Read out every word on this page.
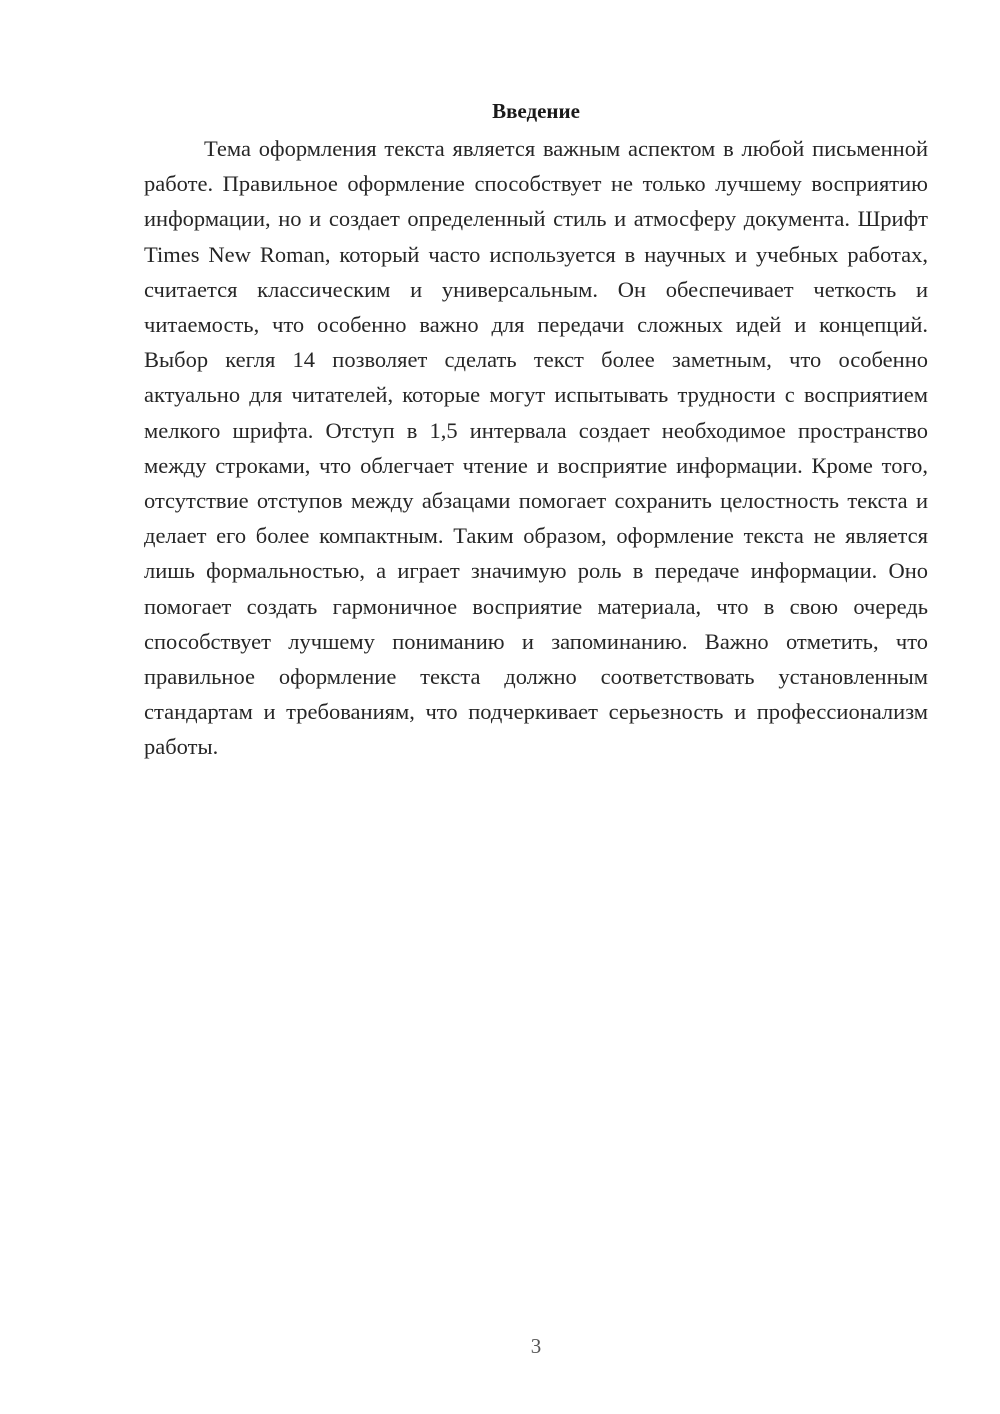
Введение

Тема оформления текста является важным аспектом в любой письменной работе. Правильное оформление способствует не только лучшему восприятию информации, но и создает определенный стиль и атмосферу документа. Шрифт Times New Roman, который часто используется в научных и учебных работах, считается классическим и универсальным. Он обеспечивает четкость и читаемость, что особенно важно для передачи сложных идей и концепций. Выбор кегля 14 позволяет сделать текст более заметным, что особенно актуально для читателей, которые могут испытывать трудности с восприятием мелкого шрифта. Отступ в 1,5 интервала создает необходимое пространство между строками, что облегчает чтение и восприятие информации. Кроме того, отсутствие отступов между абзацами помогает сохранить целостность текста и делает его более компактным. Таким образом, оформление текста не является лишь формальностью, а играет значимую роль в передаче информации. Оно помогает создать гармоничное восприятие материала, что в свою очередь способствует лучшему пониманию и запоминанию. Важно отметить, что правильное оформление текста должно соответствовать установленным стандартам и требованиям, что подчеркивает серьезность и профессионализм работы.

3
